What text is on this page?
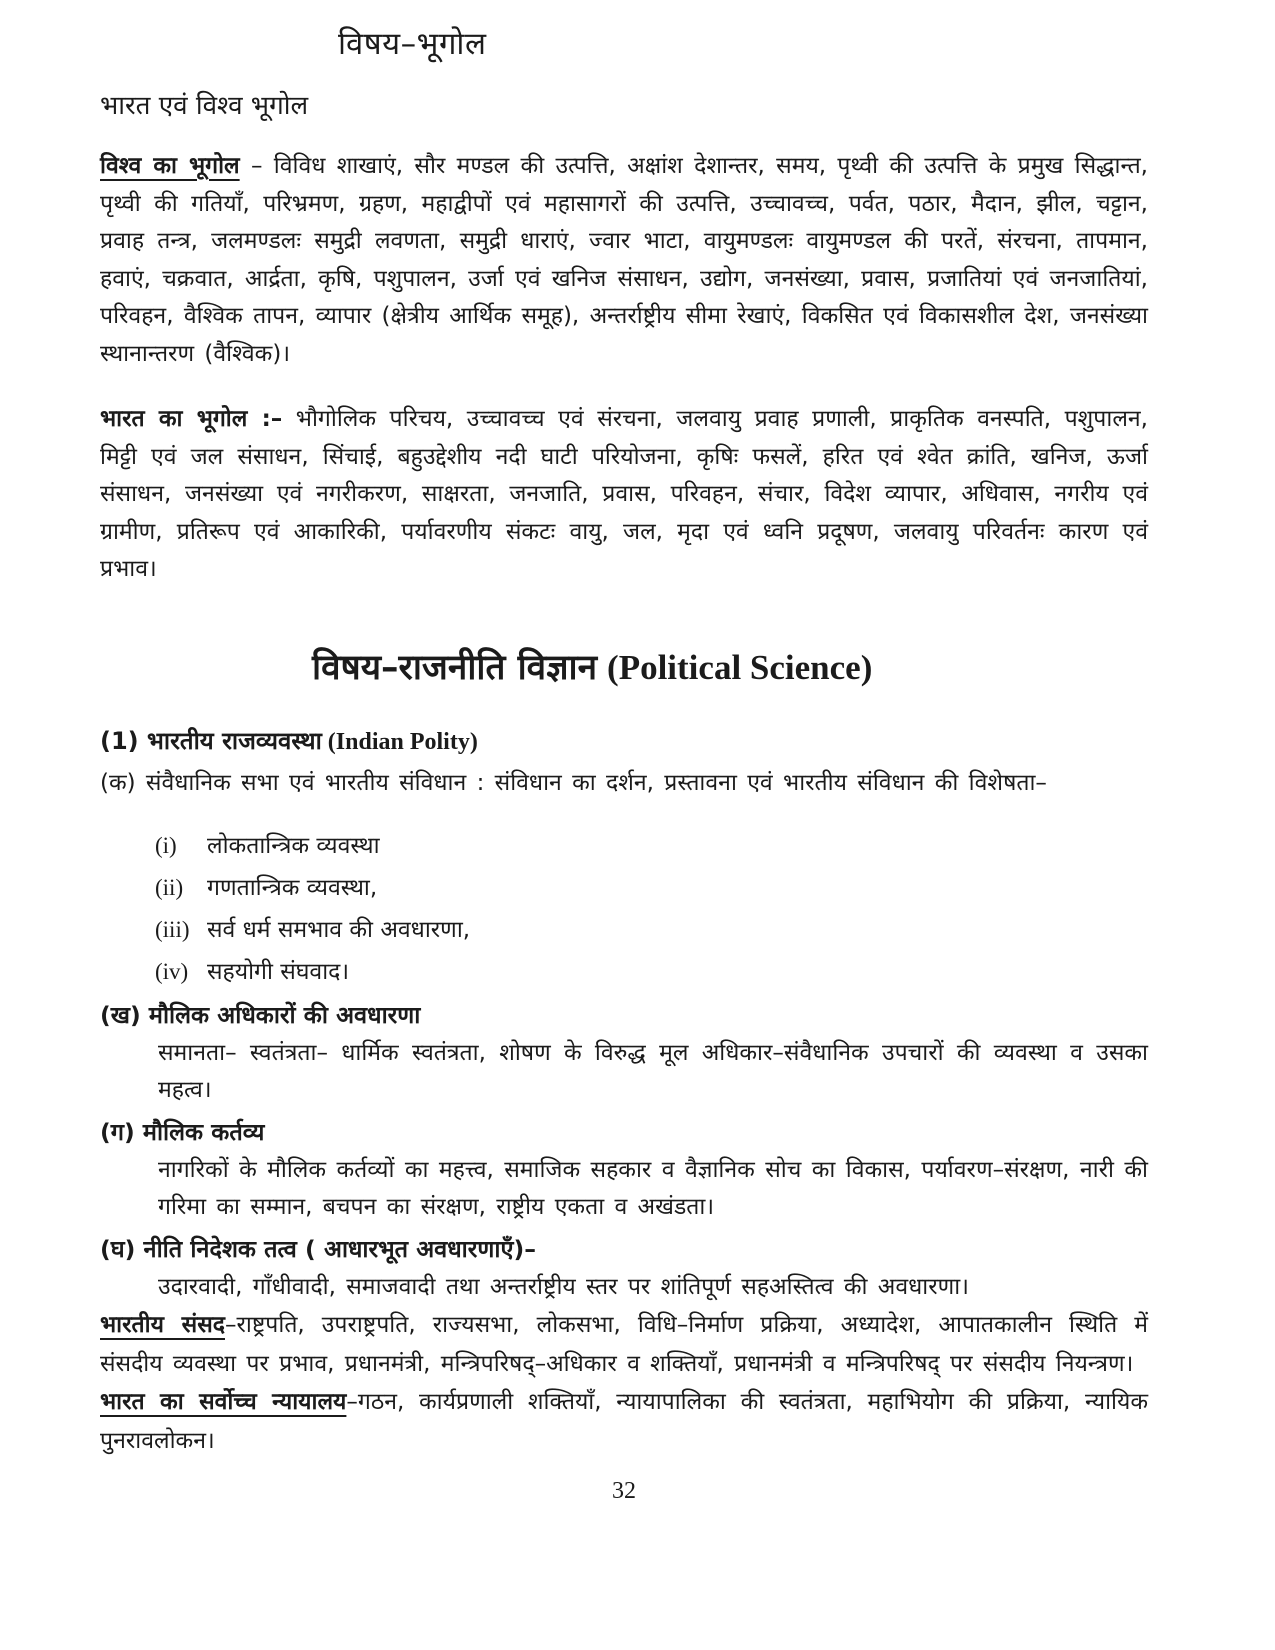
विषय–भूगोल
भारत एवं विश्व भूगोल

विश्व का भूगोल – विविध शाखाएं, सौर मण्डल की उत्पत्ति, अक्षांश देशान्तर, समय, पृथ्वी की उत्पत्ति के प्रमुख सिद्धान्त, पृथ्वी की गतियाँ, परिभ्रमण, ग्रहण, महाद्वीपों एवं महासागरों की उत्पत्ति, उच्चावच्च, पर्वत, पठार, मैदान, झील, चट्टान, प्रवाह तन्त्र, जलमण्डलः समुद्री लवणता, समुद्री धाराएं, ज्वार भाटा, वायुमण्डलः वायुमण्डल की परतें, संरचना, तापमान, हवाएं, चक्रवात, आर्द्रता, कृषि, पशुपालन, उर्जा एवं खनिज संसाधन, उद्योग, जनसंख्या, प्रवास, प्रजातियां एवं जनजातियां, परिवहन, वैश्विक तापन, व्यापार (क्षेत्रीय आर्थिक समूह), अन्तर्राष्ट्रीय सीमा रेखाएं, विकसित एवं विकासशील देश, जनसंख्या स्थानान्तरण (वैश्विक)।

भारत का भूगोल :– भौगोलिक परिचय, उच्चावच्च एवं संरचना, जलवायु प्रवाह प्रणाली, प्राकृतिक वनस्पति, पशुपालन, मिट्टी एवं जल संसाधन, सिंचाई, बहुउद्देशीय नदी घाटी परियोजना, कृषिः फसलें, हरित एवं श्वेत क्रांति, खनिज, ऊर्जा संसाधन, जनसंख्या एवं नगरीकरण, साक्षरता, जनजाति, प्रवास, परिवहन, संचार, विदेश व्यापार, अधिवास, नगरीय एवं ग्रामीण, प्रतिरूप एवं आकारिकी, पर्यावरणीय संकटः वायु, जल, मृदा एवं ध्वनि प्रदूषण, जलवायु परिवर्तनः कारण एवं प्रभाव।

विषय–राजनीति विज्ञान (Political Science)
(1) भारतीय राजव्यवस्था (Indian Polity)

(क) संवैधानिक सभा एवं भारतीय संविधान : संविधान का दर्शन, प्रस्तावना एवं भारतीय संविधान की विशेषता–

(i) लोकतान्त्रिक व्यवस्था
(ii) गणतान्त्रिक व्यवस्था,
(iii) सर्व धर्म समभाव की अवधारणा,
(iv) सहयोगी संघवाद।
(ख) मौलिक अधिकारों की अवधारणा

समानता– स्वतंत्रता– धार्मिक स्वतंत्रता, शोषण के विरुद्ध मूल अधिकार–संवैधानिक उपचारों की व्यवस्था व उसका महत्व।

(ग) मौलिक कर्तव्य

नागरिकों के मौलिक कर्तव्यों का महत्त्व, समाजिक सहकार व वैज्ञानिक सोच का विकास, पर्यावरण–संरक्षण, नारी की गरिमा का सम्मान, बचपन का संरक्षण, राष्ट्रीय एकता व अखंडता।

(घ) नीति निदेशक तत्व ( आधारभूत अवधारणाएँ)–

उदारवादी, गाँधीवादी, समाजवादी तथा अन्तर्राष्ट्रीय स्तर पर शांतिपूर्ण सहअस्तित्व की अवधारणा।

भारतीय संसद–राष्ट्रपति, उपराष्ट्रपति, राज्यसभा, लोकसभा, विधि–निर्माण प्रक्रिया, अध्यादेश, आपातकालीन स्थिति में संसदीय व्यवस्था पर प्रभाव, प्रधानमंत्री, मन्त्रिपरिषद्–अधिकार व शक्तियाँ, प्रधानमंत्री व मन्त्रिपरिषद् पर संसदीय नियन्त्रण।

भारत का सर्वोच्च न्यायालय–गठन, कार्यप्रणाली शक्तियाँ, न्यायापालिका की स्वतंत्रता, महाभियोग की प्रक्रिया, न्यायिक पुनरावलोकन।

32
